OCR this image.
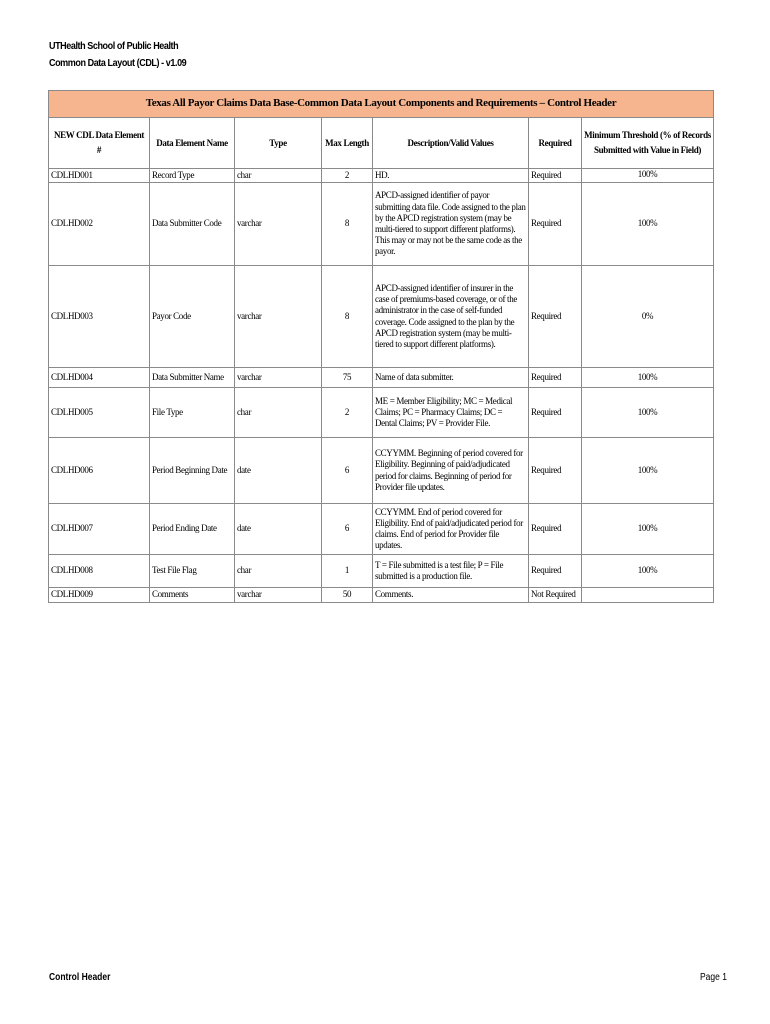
UTHealth School of Public Health
Common Data Layout (CDL) - v1.09
Texas All Payor Claims Data Base-Common Data Layout Components and Requirements – Control Header						
NEW CDL Data Element #	Data Element Name	Type	Max Length	Description/Valid Values	Required	Minimum Threshold (% of Records Submitted with Value in Field)
CDLHD001	Record Type	char	2	HD.	Required	100%
CDLHD002	Data Submitter Code	varchar	8	APCD-assigned identifier of payor submitting data file. Code assigned to the plan by the APCD registration system (may be multi-tiered to support different platforms). This may or may not be the same code as the payor.	Required	100%
CDLHD003	Payor Code	varchar	8	APCD-assigned identifier of insurer in the case of premiums-based coverage, or of the administrator in the case of self-funded coverage. Code assigned to the plan by the APCD registration system (may be multi-tiered to support different platforms).	Required	0%
CDLHD004	Data Submitter Name	varchar	75	Name of data submitter.	Required	100%
CDLHD005	File Type	char	2	ME = Member Eligibility; MC = Medical Claims; PC = Pharmacy Claims; DC = Dental Claims; PV = Provider File.	Required	100%
CDLHD006	Period Beginning Date	date	6	CCYYMM. Beginning of period covered for Eligibility. Beginning of paid/adjudicated period for claims. Beginning of period for Provider file updates.	Required	100%
CDLHD007	Period Ending Date	date	6	CCYYMM. End of period covered for Eligibility. End of paid/adjudicated period for claims. End of period for Provider file updates.	Required	100%
CDLHD008	Test File Flag	char	1	T = File submitted is a test file; P = File submitted is a production file.	Required	100%
CDLHD009	Comments	varchar	50	Comments.	Not Required	
Control Header	Page 1
